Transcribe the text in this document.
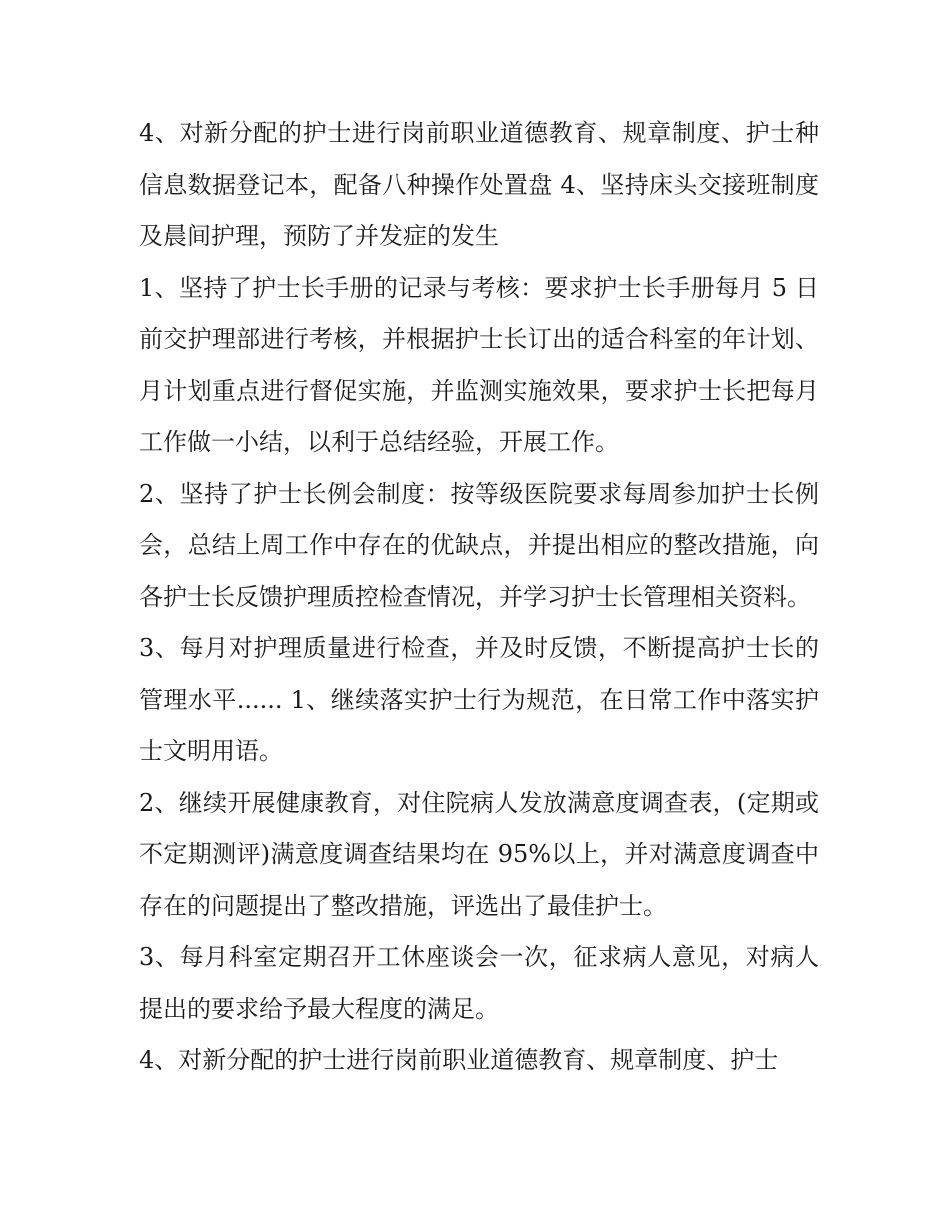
4、对新分配的护士进行岗前职业道德教育、规章制度、护士种信息数据登记本，配备八种操作处置盘 4、坚持床头交接班制度及晨间护理，预防了并发症的发生

1、坚持了护士长手册的记录与考核：要求护士长手册每月 5 日前交护理部进行考核，并根据护士长订出的适合科室的年计划、月计划重点进行督促实施，并监测实施效果，要求护士长把每月工作做一小结，以利于总结经验，开展工作。

2、坚持了护士长例会制度：按等级医院要求每周参加护士长例会，总结上周工作中存在的优缺点，并提出相应的整改措施，向各护士长反馈护理质控检查情况，并学习护士长管理相关资料。

3、每月对护理质量进行检查，并及时反馈，不断提高护士长的管理水平...... 1、继续落实护士行为规范，在日常工作中落实护士文明用语。

2、继续开展健康教育，对住院病人发放满意度调查表，(定期或不定期测评)满意度调查结果均在 95%以上，并对满意度调查中存在的问题提出了整改措施，评选出了最佳护士。

3、每月科室定期召开工休座谈会一次，征求病人意见，对病人提出的要求给予最大程度的满足。

4、对新分配的护士进行岗前职业道德教育、规章制度、护士
